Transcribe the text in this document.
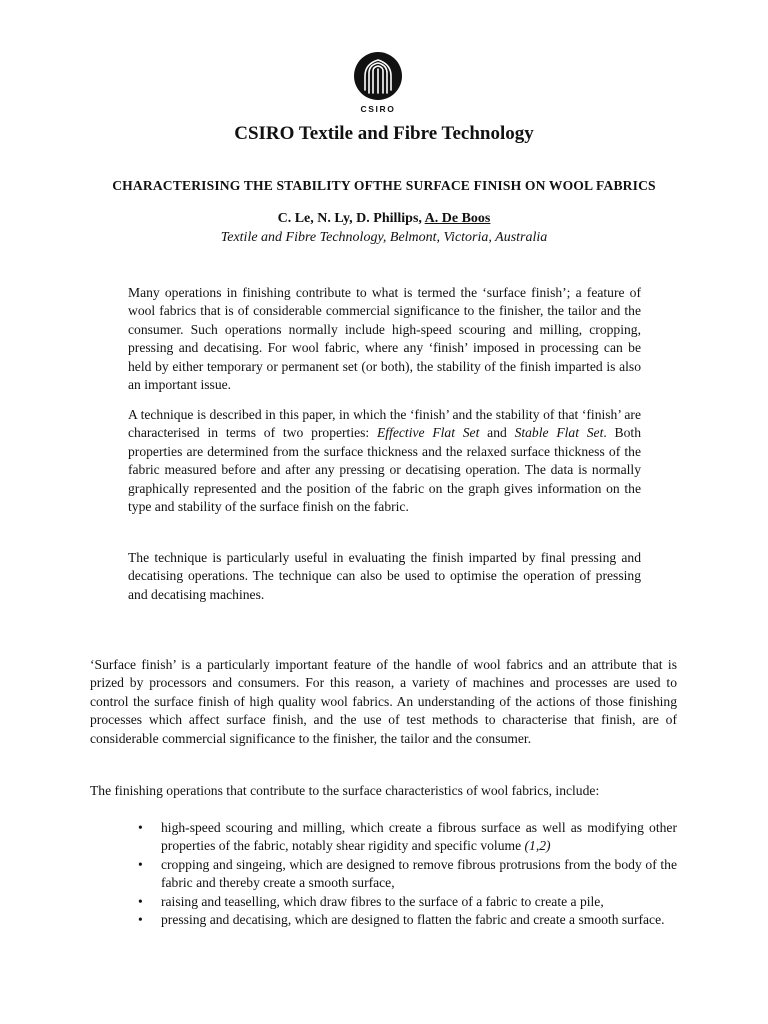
CSIRO
CSIRO Textile and Fibre Technology
CHARACTERISING THE STABILITY OFTHE SURFACE FINISH ON WOOL FABRICS
C. Le, N. Ly, D. Phillips, A. De Boos
Textile and Fibre Technology, Belmont, Victoria, Australia

Many operations in finishing contribute to what is termed the ‘surface finish’; a feature of wool fabrics that is of considerable commercial significance to the finisher, the tailor and the consumer. Such operations normally include high-speed scouring and milling, cropping, pressing and decatising. For wool fabric, where any ‘finish’ imposed in processing can be held by either temporary or permanent set (or both), the stability of the finish imparted is also an important issue.

A technique is described in this paper, in which the ‘finish’ and the stability of that ‘finish’ are characterised in terms of two properties: Effective Flat Set and Stable Flat Set. Both properties are determined from the surface thickness and the relaxed surface thickness of the fabric measured before and after any pressing or decatising operation. The data is normally graphically represented and the position of the fabric on the graph gives information on the type and stability of the surface finish on the fabric.

The technique is particularly useful in evaluating the finish imparted by final pressing and decatising operations. The technique can also be used to optimise the operation of pressing and decatising machines.

‘Surface finish’ is a particularly important feature of the handle of wool fabrics and an attribute that is prized by processors and consumers. For this reason, a variety of machines and processes are used to control the surface finish of high quality wool fabrics. An understanding of the actions of those finishing processes which affect surface finish, and the use of test methods to characterise that finish, are of considerable commercial significance to the finisher, the tailor and the consumer.

The finishing operations that contribute to the surface characteristics of wool fabrics, include:

• high-speed scouring and milling, which create a fibrous surface as well as modifying other properties of the fabric, notably shear rigidity and specific volume (1,2)
• cropping and singeing, which are designed to remove fibrous protrusions from the body of the fabric and thereby create a smooth surface,
• raising and teaselling, which draw fibres to the surface of a fabric to create a pile,
• pressing and decatising, which are designed to flatten the fabric and create a smooth surface.
